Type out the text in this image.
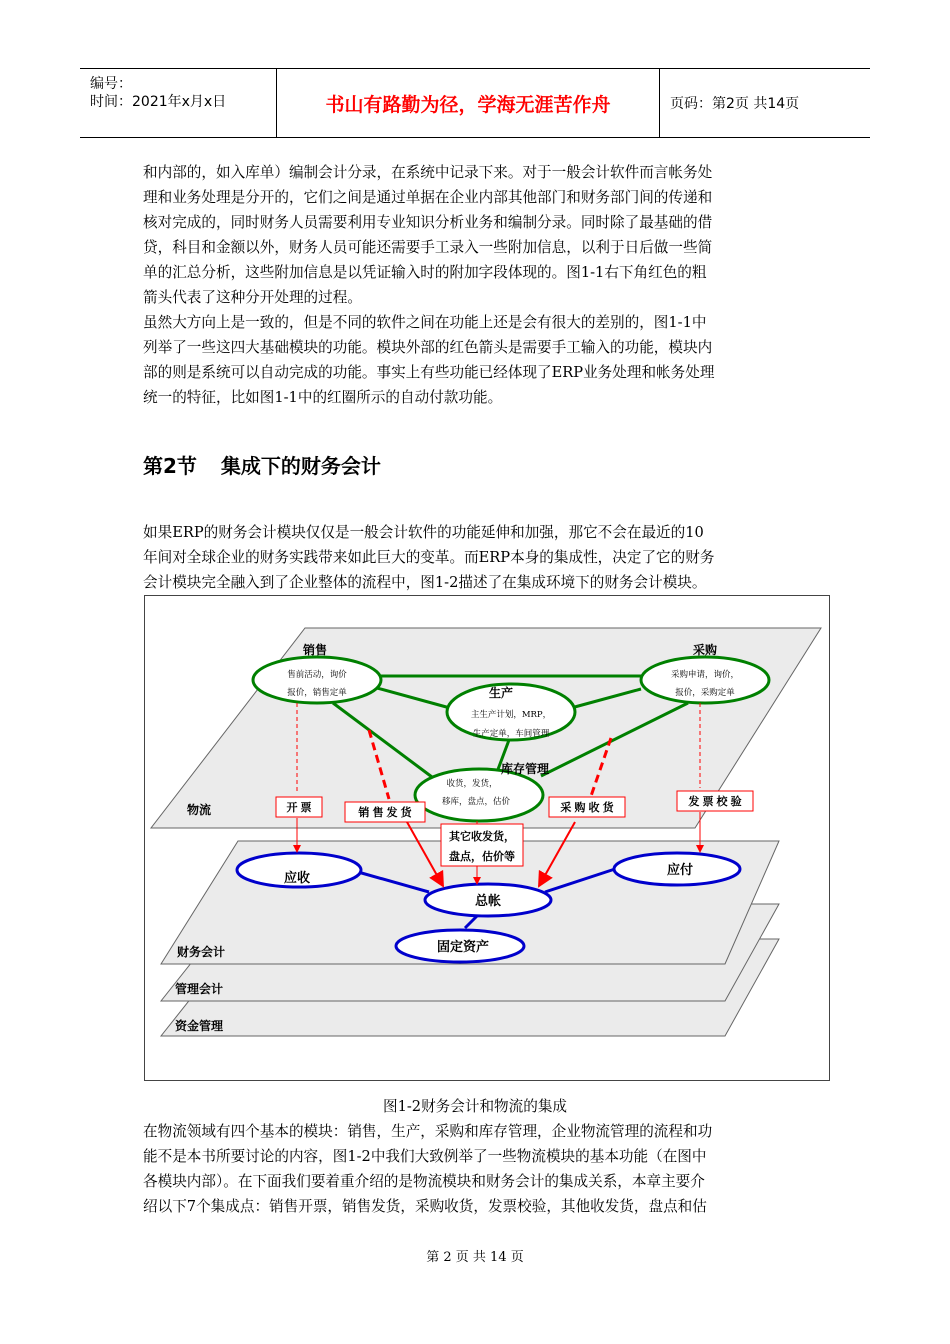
编号：
时间：2021年x月x日	书山有路勤为径，学海无涯苦作舟	页码：第2页 共14页
和内部的，如入库单）编制会计分录，在系统中记录下来。对于一般会计软件而言帐务处
理和业务处理是分开的，它们之间是通过单据在企业内部其他部门和财务部门间的传递和
核对完成的，同时财务人员需要利用专业知识分析业务和编制分录。同时除了最基础的借
贷，科目和金额以外，财务人员可能还需要手工录入一些附加信息，以利于日后做一些简
单的汇总分析，这些附加信息是以凭证输入时的附加字段体现的。图1-1右下角红色的粗
箭头代表了这种分开处理的过程。
虽然大方向上是一致的，但是不同的软件之间在功能上还是会有很大的差别的，图1-1中
列举了一些这四大基础模块的功能。模块外部的红色箭头是需要手工输入的功能，模块内
部的则是系统可以自动完成的功能。事实上有些功能已经体现了ERP业务处理和帐务处理
统一的特征，比如图1-1中的红圈所示的自动付款功能。
第2节 集成下的财务会计
如果ERP的财务会计模块仅仅是一般会计软件的功能延伸和加强，那它不会在最近的10
年间对全球企业的财务实践带来如此巨大的变革。而ERP本身的集成性，决定了它的财务
会计模块完全融入到了企业整体的流程中，图1-2描述了在集成环境下的财务会计模块。
物流
财务会计
管理会计
资金管理
销售	采购
生产
库存管理
售前活动，询价
报价，销售定单
采购申请，询价，
报价，采购定单
主生产计划，MRP，
生产定单，车间管理
收货，发货，
移库，盘点，估价
应收
应付
总帐
固定资产
开 票	销 售 发 货	采 购 收 货	发 票 校 验
其它收发货，
盘点，估价等
图1-2财务会计和物流的集成
在物流领域有四个基本的模块：销售，生产，采购和库存管理，企业物流管理的流程和功
能不是本书所要讨论的内容，图1-2中我们大致例举了一些物流模块的基本功能（在图中
各模块内部）。在下面我们要着重介绍的是物流模块和财务会计的集成关系，本章主要介
绍以下7个集成点：销售开票，销售发货，采购收货，发票校验，其他收发货，盘点和估
第 2 页 共 14 页
